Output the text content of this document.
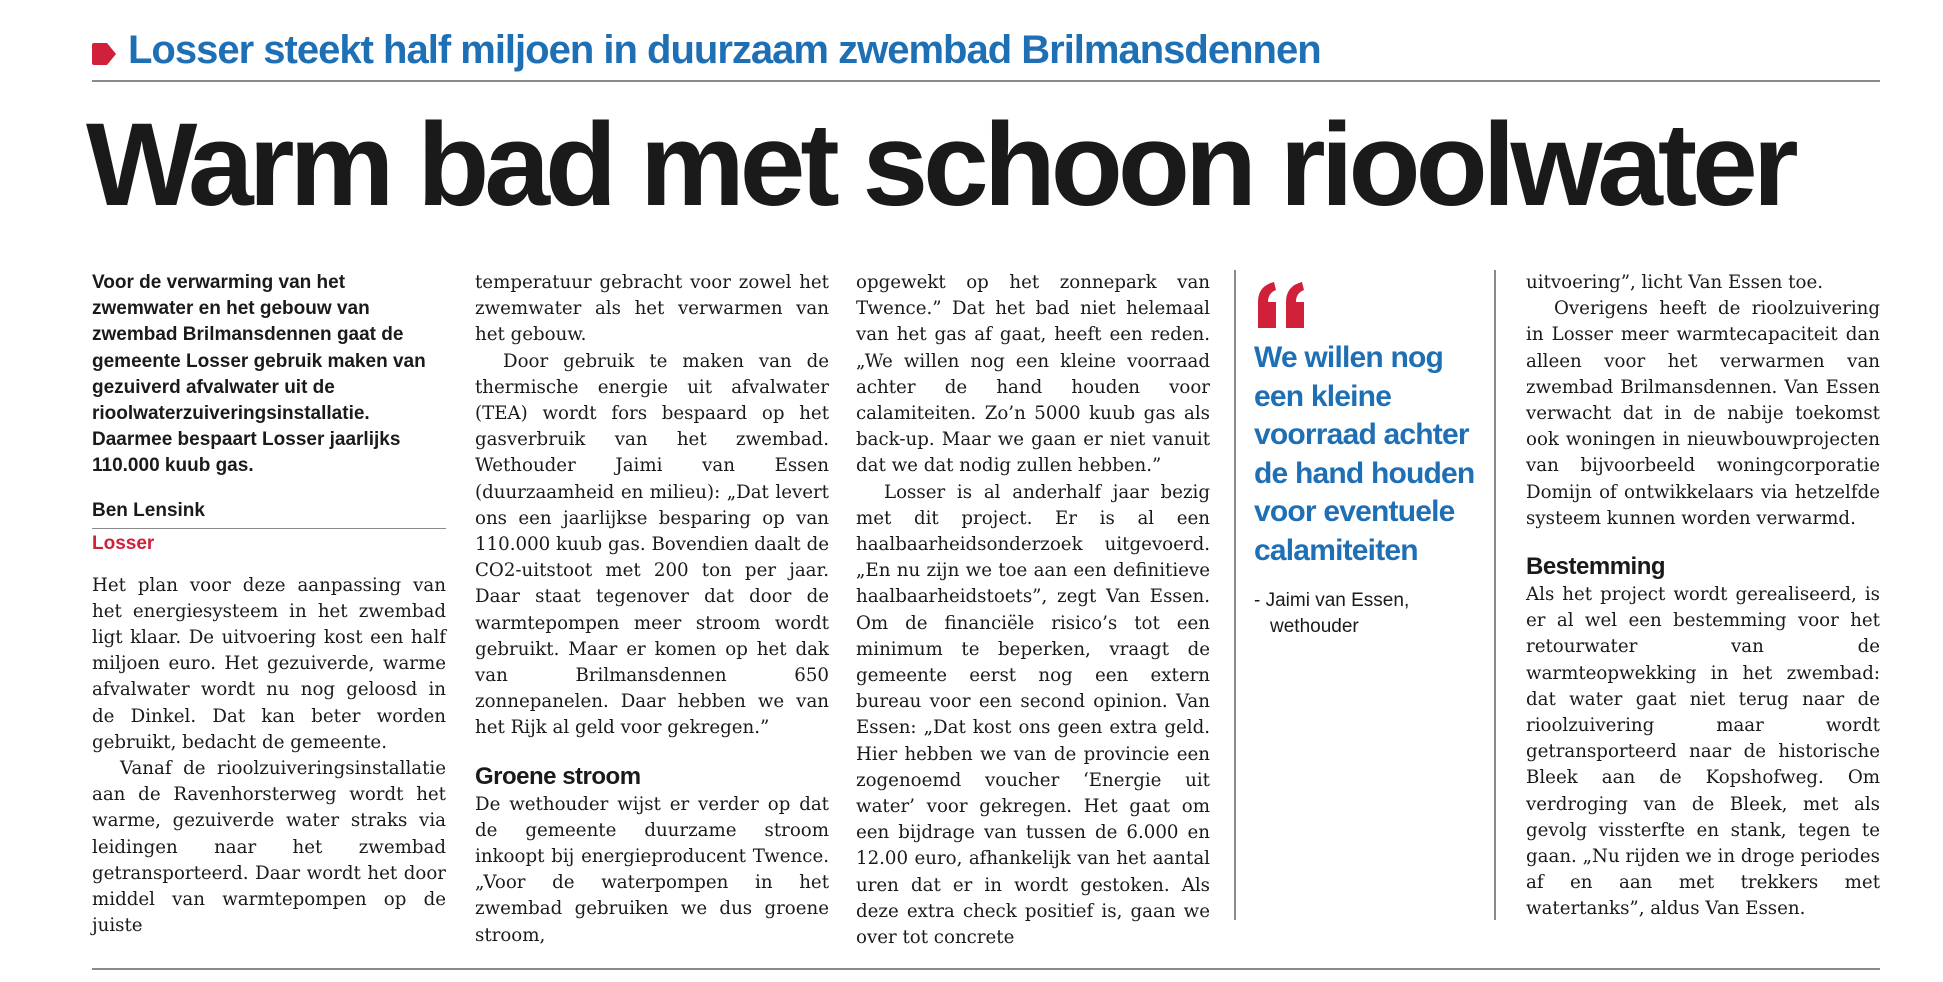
Losser steekt half miljoen in duurzaam zwembad Brilmansdennen
Warm bad met schoon rioolwater

Voor de verwarming van het zwemwater en het gebouw van zwembad Brilmansdennen gaat de gemeente Losser gebruik maken van gezuiverd afvalwater uit de rioolwaterzuiveringsinstallatie. Daarmee bespaart Losser jaarlijks 110.000 kuub gas.

Ben Lensink
Losser

Het plan voor deze aanpassing van het energiesysteem in het zwembad ligt klaar. De uitvoering kost een half miljoen euro. Het gezuiverde, warme afvalwater wordt nu nog geloosd in de Dinkel. Dat kan beter worden gebruikt, bedacht de gemeente.

Vanaf de rioolzuiveringsinstallatie aan de Ravenhorsterweg wordt het warme, gezuiverde water straks via leidingen naar het zwembad getransporteerd. Daar wordt het door middel van warmtepompen op de juiste

temperatuur gebracht voor zowel het zwemwater als het verwarmen van het gebouw.

Door gebruik te maken van de thermische energie uit afvalwater (TEA) wordt fors bespaard op het gasverbruik van het zwembad. Wethouder Jaimi van Essen (duurzaamheid en milieu): „Dat levert ons een jaarlijkse besparing op van 110.000 kuub gas. Bovendien daalt de CO2-uitstoot met 200 ton per jaar. Daar staat tegenover dat door de warmtepompen meer stroom wordt gebruikt. Maar er komen op het dak van Brilmansdennen 650 zonnepanelen. Daar hebben we van het Rijk al geld voor gekregen.”

Groene stroom

De wethouder wijst er verder op dat de gemeente duurzame stroom inkoopt bij energieproducent Twence. „Voor de waterpompen in het zwembad gebruiken we dus groene stroom,

opgewekt op het zonnepark van Twence.” Dat het bad niet helemaal van het gas af gaat, heeft een reden. „We willen nog een kleine voorraad achter de hand houden voor calamiteiten. Zo’n 5000 kuub gas als back-up. Maar we gaan er niet vanuit dat we dat nodig zullen hebben.”

Losser is al anderhalf jaar bezig met dit project. Er is al een haalbaarheidsonderzoek uitgevoerd. „En nu zijn we toe aan een definitieve haalbaarheidstoets”, zegt Van Essen. Om de financiële risico’s tot een minimum te beperken, vraagt de gemeente eerst nog een extern bureau voor een second opinion. Van Essen: „Dat kost ons geen extra geld. Hier hebben we van de provincie een zogenoemd voucher ‘Energie uit water’ voor gekregen. Het gaat om een bijdrage van tussen de 6.000 en 12.00 euro, afhankelijk van het aantal uren dat er in wordt gestoken. Als deze extra check positief is, gaan we over tot concrete

We willen nog een kleine voorraad achter de hand houden voor eventuele calamiteiten
- Jaimi van Essen,
wethouder

uitvoering”, licht Van Essen toe.

Overigens heeft de rioolzuivering in Losser meer warmtecapaciteit dan alleen voor het verwarmen van zwembad Brilmansdennen. Van Essen verwacht dat in de nabije toekomst ook woningen in nieuwbouwprojecten van bijvoorbeeld woningcorporatie Domijn of ontwikkelaars via hetzelfde systeem kunnen worden verwarmd.

Bestemming

Als het project wordt gerealiseerd, is er al wel een bestemming voor het retourwater van de warmteopwekking in het zwembad: dat water gaat niet terug naar de rioolzuivering maar wordt getransporteerd naar de historische Bleek aan de Kopshofweg. Om verdroging van de Bleek, met als gevolg vissterfte en stank, tegen te gaan. „Nu rijden we in droge periodes af en aan met trekkers met watertanks”, aldus Van Essen.
